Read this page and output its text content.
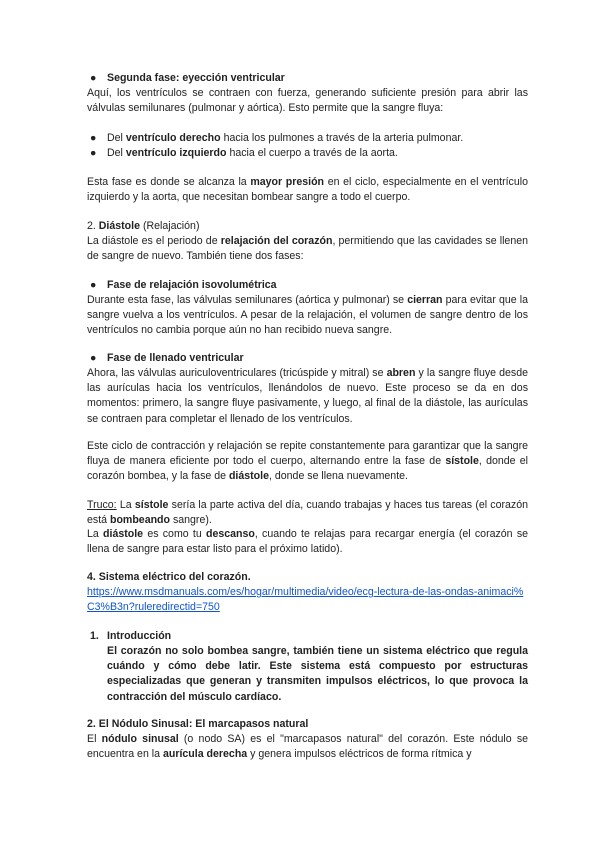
● Segunda fase: eyección ventricular
Aquí, los ventrículos se contraen con fuerza, generando suficiente presión para abrir las válvulas semilunares (pulmonar y aórtica). Esto permite que la sangre fluya:
● Del ventrículo derecho hacia los pulmones a través de la arteria pulmonar.
● Del ventrículo izquierdo hacia el cuerpo a través de la aorta.
Esta fase es donde se alcanza la mayor presión en el ciclo, especialmente en el ventrículo izquierdo y la aorta, que necesitan bombear sangre a todo el cuerpo.
2. Diástole (Relajación)
La diástole es el periodo de relajación del corazón, permitiendo que las cavidades se llenen de sangre de nuevo. También tiene dos fases:
● Fase de relajación isovolumétrica
Durante esta fase, las válvulas semilunares (aórtica y pulmonar) se cierran para evitar que la sangre vuelva a los ventrículos. A pesar de la relajación, el volumen de sangre dentro de los ventrículos no cambia porque aún no han recibido nueva sangre.
● Fase de llenado ventricular
Ahora, las válvulas auriculoventriculares (tricúspide y mitral) se abren y la sangre fluye desde las aurículas hacia los ventrículos, llenándolos de nuevo. Este proceso se da en dos momentos: primero, la sangre fluye pasivamente, y luego, al final de la diástole, las aurículas se contraen para completar el llenado de los ventrículos.
Este ciclo de contracción y relajación se repite constantemente para garantizar que la sangre fluya de manera eficiente por todo el cuerpo, alternando entre la fase de sístole, donde el corazón bombea, y la fase de diástole, donde se llena nuevamente.
Truco: La sístole sería la parte activa del día, cuando trabajas y haces tus tareas (el corazón está bombeando sangre).
La diástole es como tu descanso, cuando te relajas para recargar energía (el corazón se llena de sangre para estar listo para el próximo latido).
4. Sistema eléctrico del corazón.
https://www.msdmanuals.com/es/hogar/multimedia/video/ecg-lectura-de-las-ondas-animaci%C3%B3n?ruleredirectid=750
1. Introducción
El corazón no solo bombea sangre, también tiene un sistema eléctrico que regula cuándo y cómo debe latir. Este sistema está compuesto por estructuras especializadas que generan y transmiten impulsos eléctricos, lo que provoca la contracción del músculo cardíaco.
2. El Nódulo Sinusal: El marcapasos natural
El nódulo sinusal (o nodo SA) es el "marcapasos natural" del corazón. Este nódulo se encuentra en la aurícula derecha y genera impulsos eléctricos de forma rítmica y
